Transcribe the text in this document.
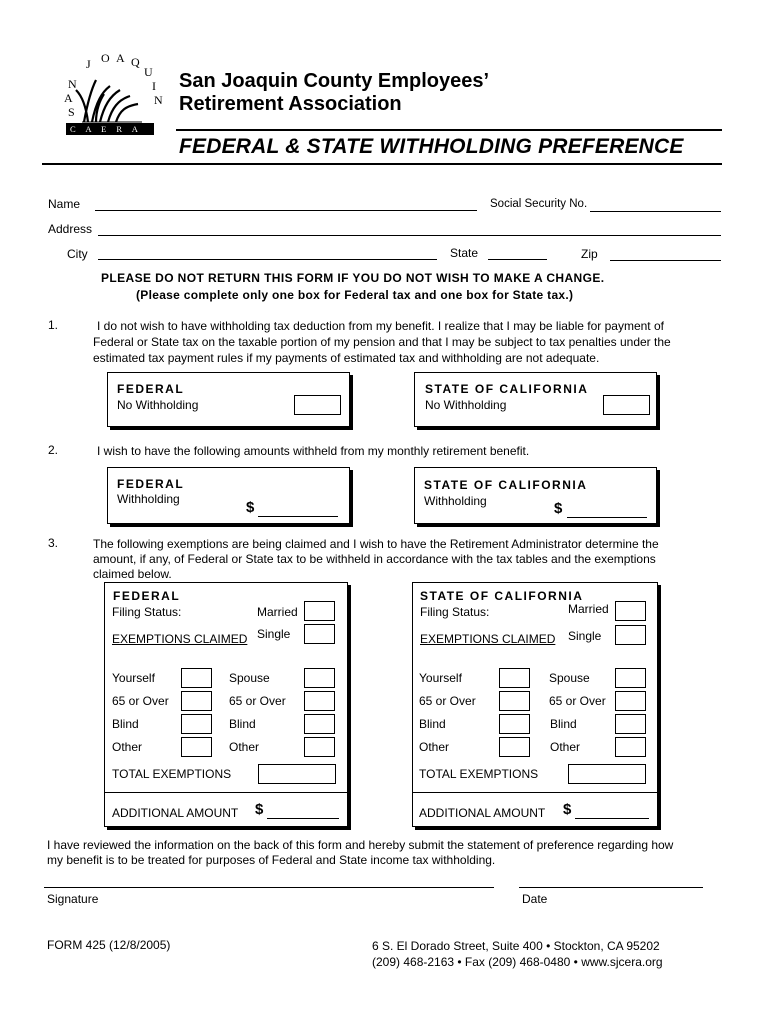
S
A
N
J O A Q
U
I
N
C A E R A
San Joaquin County Employees’
Retirement Association
FEDERAL & STATE WITHHOLDING PREFERENCE
Name	Social Security No.
Address
City	State	Zip
PLEASE DO NOT RETURN THIS FORM IF YOU DO NOT WISH TO MAKE A CHANGE.
(Please complete only one box for Federal tax and one box for State tax.)
1.	I do not wish to have withholding tax deduction from my benefit. I realize that I may be liable for payment of
Federal or State tax on the taxable portion of my pension and that I may be subject to tax penalties under the
estimated tax payment rules if my payments of estimated tax and withholding are not adequate.
FEDERAL
No Withholding
STATE OF CALIFORNIA
No Withholding
2.	I wish to have the following amounts withheld from my monthly retirement benefit.
FEDERAL
Withholding	$
STATE OF CALIFORNIA
Withholding	$
3.	The following exemptions are being claimed and I wish to have the Retirement Administrator determine the
amount, if any, of Federal or State tax to be withheld in accordance with the tax tables and the exemptions
claimed below.
FEDERAL
Filing Status:	Married
EXEMPTIONS CLAIMED Single
Yourself	Spouse
65 or Over	65 or Over
Blind	Blind
Other	Other
TOTAL EXEMPTIONS
ADDITIONAL AMOUNT $
STATE OF CALIFORNIA
Filing Status:	Married
EXEMPTIONS CLAIMED Single
Yourself	Spouse
65 or Over	65 or Over
Blind	Blind
Other	Other
TOTAL EXEMPTIONS
ADDITIONAL AMOUNT $
I have reviewed the information on the back of this form and hereby submit the statement of preference regarding how
my benefit is to be treated for purposes of Federal and State income tax withholding.
Signature	Date
FORM 425 (12/8/2005)	6 S. El Dorado Street, Suite 400 • Stockton, CA 95202
(209) 468-2163 • Fax (209) 468-0480 • www.sjcera.org
